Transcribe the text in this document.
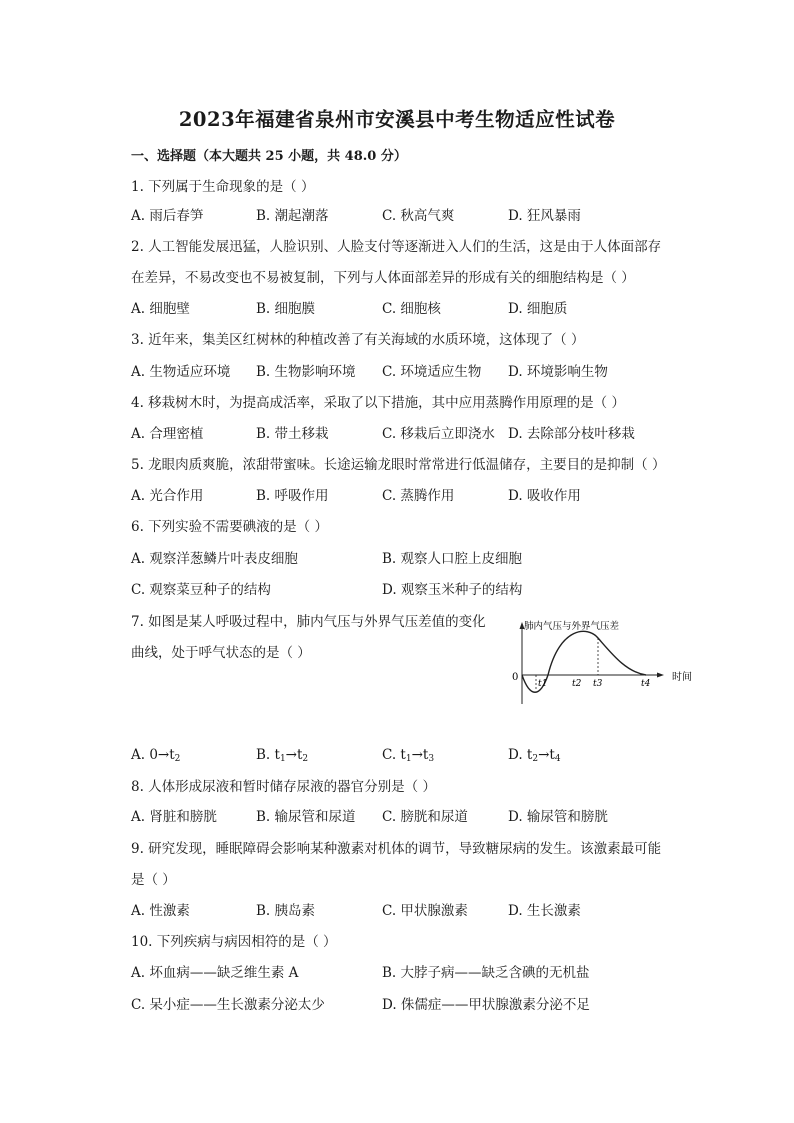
2023年福建省泉州市安溪县中考生物适应性试卷
一、选择题（本大题共 25 小题，共 48.0 分）
1. 下列属于生命现象的是（ ）
A. 雨后春笋	B. 潮起潮落	C. 秋高气爽	D. 狂风暴雨
2. 人工智能发展迅猛，人脸识别、人脸支付等逐渐进入人们的生活，这是由于人体面部存
在差异，不易改变也不易被复制，下列与人体面部差异的形成有关的细胞结构是（ ）
A. 细胞壁	B. 细胞膜	C. 细胞核	D. 细胞质
3. 近年来，集美区红树林的种植改善了有关海域的水质环境，这体现了（ ）
A. 生物适应环境 B. 生物影响环境 C. 环境适应生物 D. 环境影响生物
4. 移栽树木时，为提高成活率，采取了以下措施，其中应用蒸腾作用原理的是（ ）
A. 合理密植	B. 带土移栽	C. 移栽后立即浇水 D. 去除部分枝叶移栽
5. 龙眼肉质爽脆，浓甜带蜜味。长途运输龙眼时常常进行低温储存，主要目的是抑制（ ）
A. 光合作用	B. 呼吸作用	C. 蒸腾作用	D. 吸收作用
6. 下列实验不需要碘液的是（ ）
A. 观察洋葱鳞片叶表皮细胞	B. 观察人口腔上皮细胞
C. 观察菜豆种子的结构	D. 观察玉米种子的结构
7. 如图是某人呼吸过程中，肺内气压与外界气压差值的变化
曲线，处于呼气状态的是（ ）
肺内气压与外界气压差
时间
0
t1	t2 t3	t4
A. $0\to t_2$	B. $t_1\to t_2$	C. $t_1\to t_3$	D. $t_2\to t_4$
8. 人体形成尿液和暂时储存尿液的器官分别是（ ）
A. 肾脏和膀胱	B. 输尿管和尿道 C. 膀胱和尿道	D. 输尿管和膀胱
9. 研究发现，睡眠障碍会影响某种激素对机体的调节，导致糖尿病的发生。该激素最可能
是（ ）
A. 性激素	B. 胰岛素	C. 甲状腺激素	D. 生长激素
10. 下列疾病与病因相符的是（ ）
A. 坏血病——缺乏维生素 A	B. 大脖子病——缺乏含碘的无机盐
C. 呆小症——生长激素分泌太少	D. 侏儒症——甲状腺激素分泌不足
